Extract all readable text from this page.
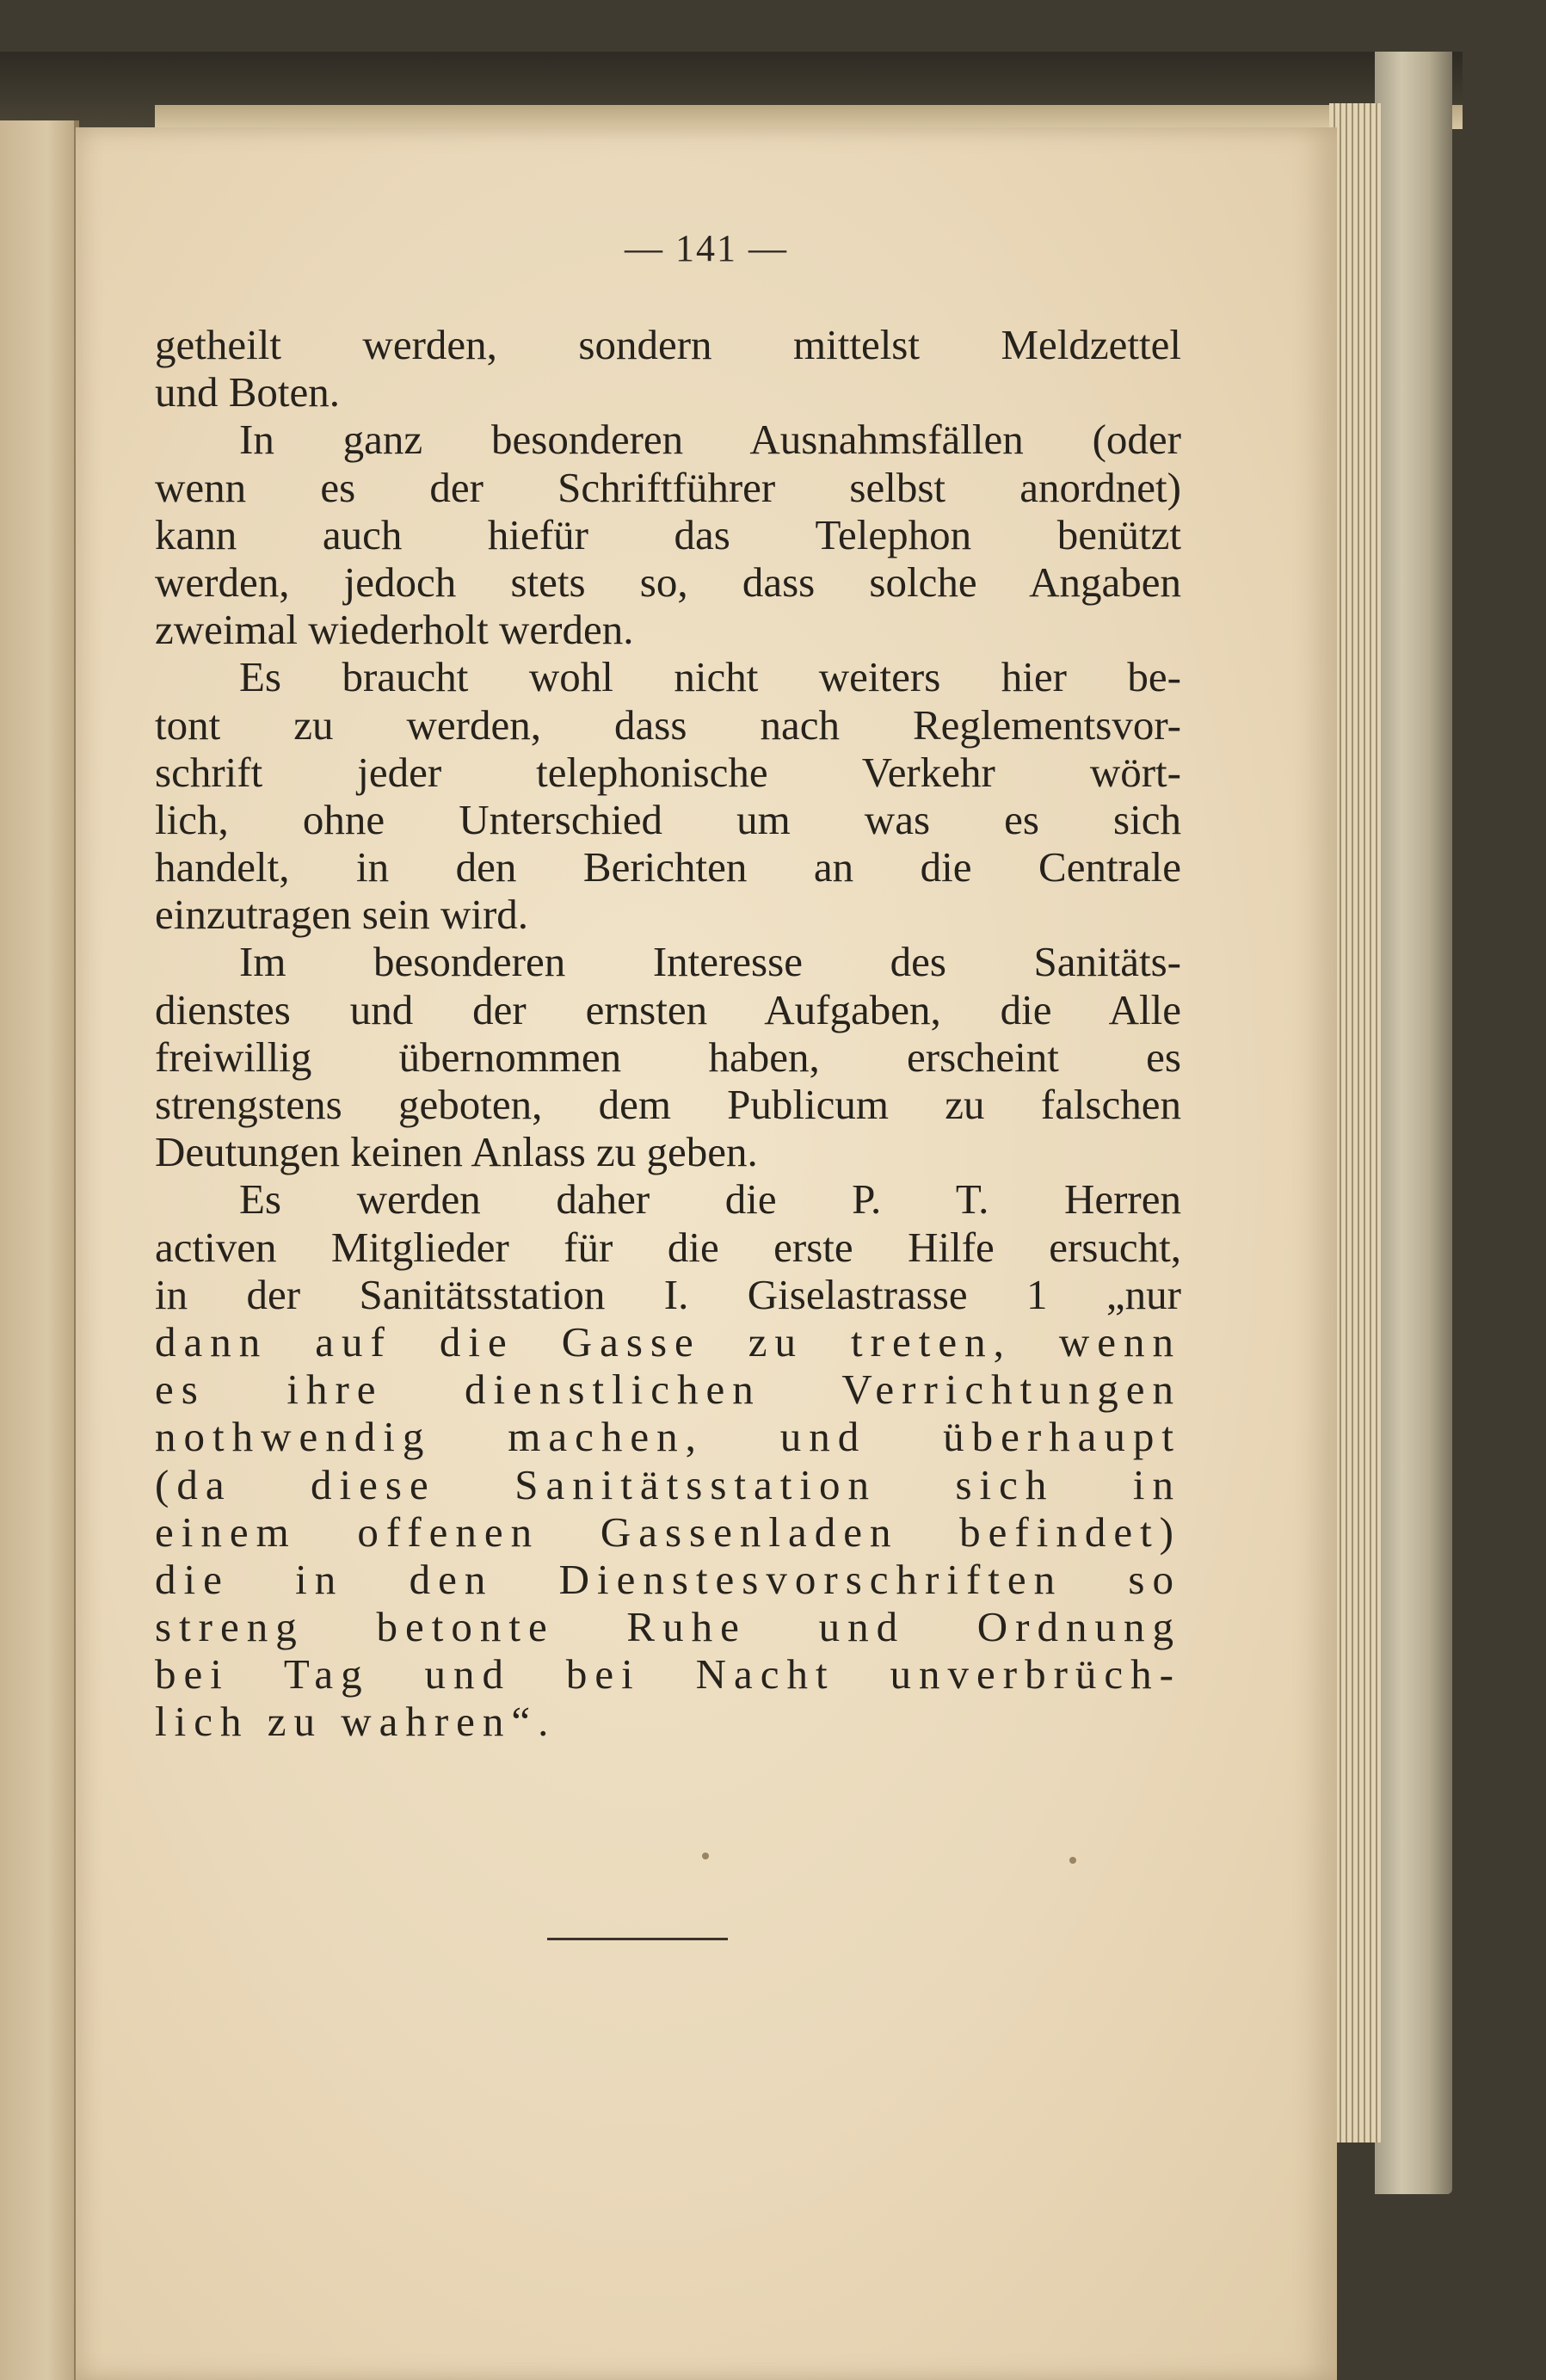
— 141 —
getheilt werden, sondern mittelst Meldzettel
und Boten.
In ganz besonderen Ausnahmsfällen (oder
wenn es der Schriftführer selbst anordnet)
kann auch hiefür das Telephon benützt
werden, jedoch stets so, dass solche Angaben
zweimal wiederholt werden.
Es braucht wohl nicht weiters hier be-
tont zu werden, dass nach Reglementsvor-
schrift jeder telephonische Verkehr wört-
lich, ohne Unterschied um was es sich
handelt, in den Berichten an die Centrale
einzutragen sein wird.
Im besonderen Interesse des Sanitäts-
dienstes und der ernsten Aufgaben, die Alle
freiwillig übernommen haben, erscheint es
strengstens geboten, dem Publicum zu falschen
Deutungen keinen Anlass zu geben.
Es werden daher die P. T. Herren
activen Mitglieder für die erste Hilfe ersucht,
in der Sanitätsstation I. Giselastrasse 1 „nur
dann auf die Gasse zu treten, wenn
es ihre dienstlichen Verrichtungen
nothwendig machen, und überhaupt
(da diese Sanitätsstation sich in
einem offenen Gassenladen befindet)
die in den Dienstesvorschriften so
streng betonte Ruhe und Ordnung
bei Tag und bei Nacht unverbrüch-
lich zu wahren“.
